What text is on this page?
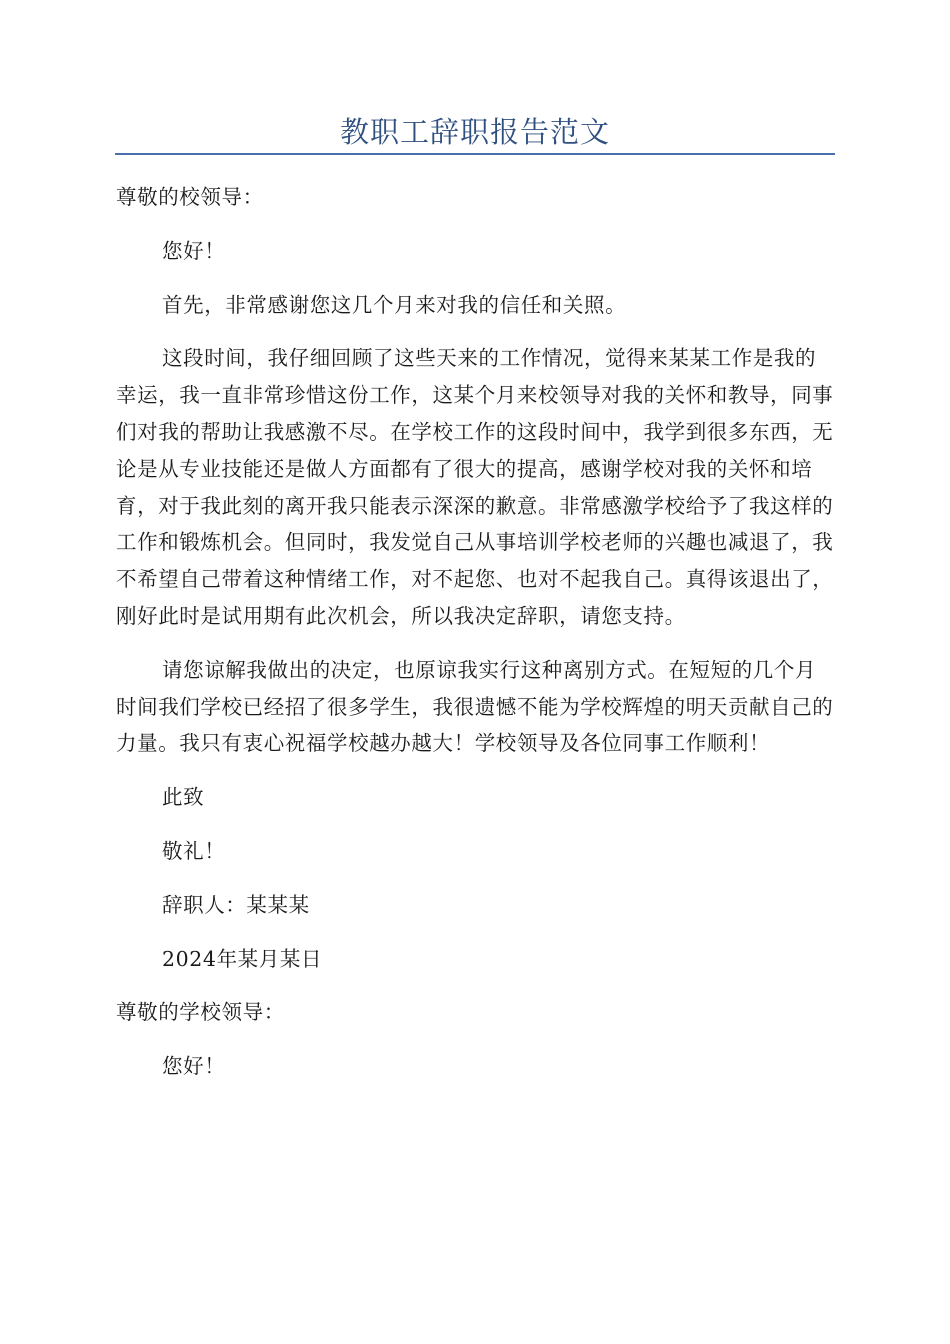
教职工辞职报告范文

尊敬的校领导：

您好！

首先，非常感谢您这几个月来对我的信任和关照。

这段时间，我仔细回顾了这些天来的工作情况，觉得来某某工作是我的幸运，我一直非常珍惜这份工作，这某个月来校领导对我的关怀和教导，同事们对我的帮助让我感激不尽。在学校工作的这段时间中，我学到很多东西，无论是从专业技能还是做人方面都有了很大的提高，感谢学校对我的关怀和培育，对于我此刻的离开我只能表示深深的歉意。非常感激学校给予了我这样的工作和锻炼机会。但同时，我发觉自己从事培训学校老师的兴趣也减退了，我不希望自己带着这种情绪工作，对不起您、也对不起我自己。真得该退出了，刚好此时是试用期有此次机会，所以我决定辞职，请您支持。

请您谅解我做出的决定，也原谅我实行这种离别方式。在短短的几个月时间我们学校已经招了很多学生，我很遗憾不能为学校辉煌的明天贡献自己的力量。我只有衷心祝福学校越办越大！学校领导及各位同事工作顺利！

此致

敬礼！

辞职人：某某某

2024年某月某日

尊敬的学校领导：

您好！
